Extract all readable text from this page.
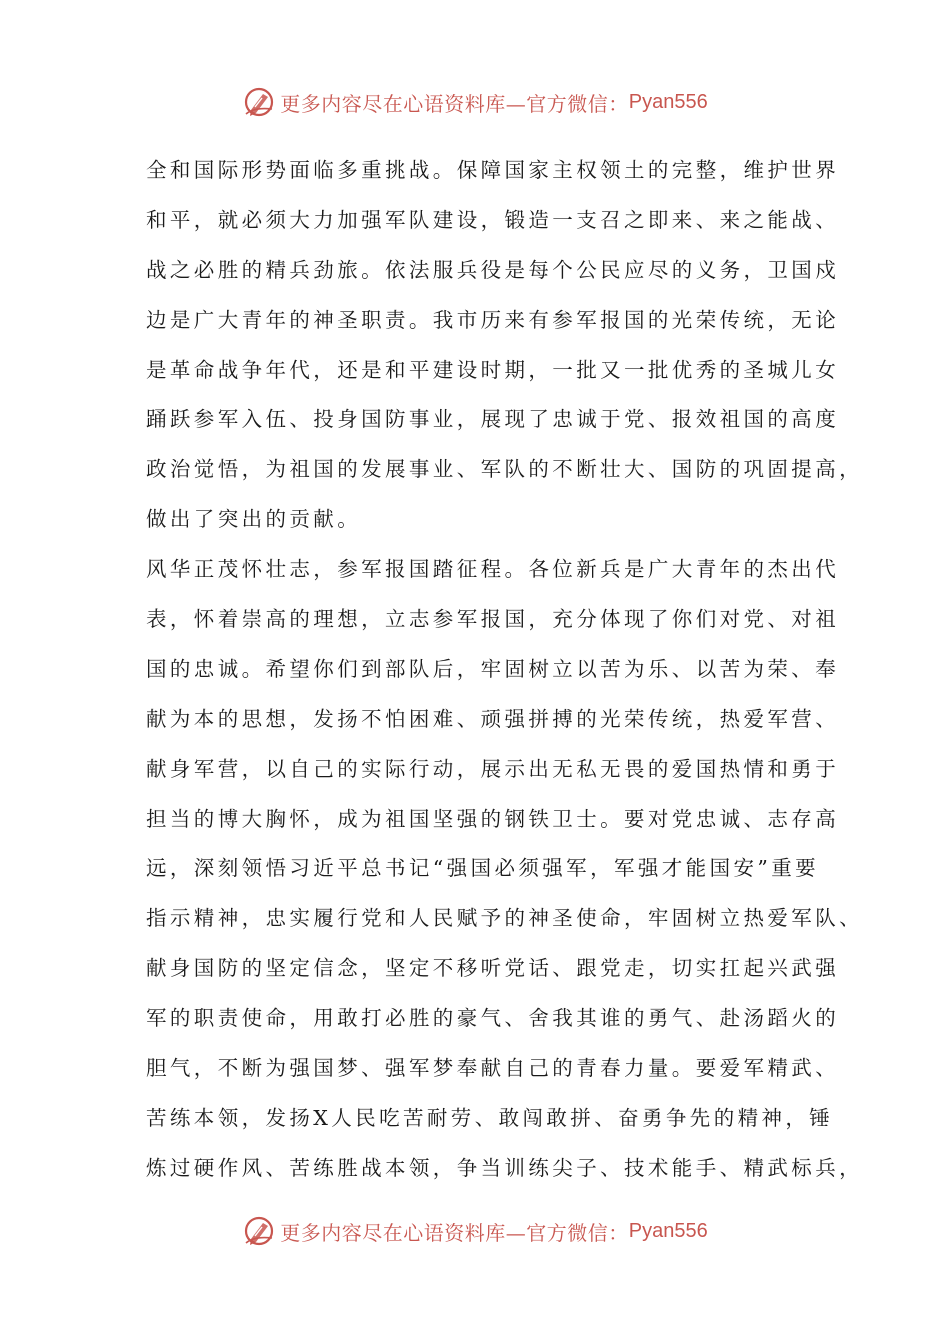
更多内容尽在心语资料库—官方微信： Pyan556
全和国际形势面临多重挑战。保障国家主权领土的完整，维护世界
和平，就必须大力加强军队建设，锻造一支召之即来、来之能战、
战之必胜的精兵劲旅。依法服兵役是每个公民应尽的义务，卫国戍
边是广大青年的神圣职责。我市历来有参军报国的光荣传统，无论
是革命战争年代，还是和平建设时期，一批又一批优秀的圣城儿女
踊跃参军入伍、投身国防事业，展现了忠诚于党、报效祖国的高度
政治觉悟，为祖国的发展事业、军队的不断壮大、国防的巩固提高，
做出了突出的贡献。
风华正茂怀壮志，参军报国踏征程。各位新兵是广大青年的杰出代
表，怀着崇高的理想，立志参军报国，充分体现了你们对党、对祖
国的忠诚。希望你们到部队后，牢固树立以苦为乐、以苦为荣、奉
献为本的思想，发扬不怕困难、顽强拼搏的光荣传统，热爱军营、
献身军营，以自己的实际行动，展示出无私无畏的爱国热情和勇于
担当的博大胸怀，成为祖国坚强的钢铁卫士。要对党忠诚、志存高
远，深刻领悟习近平总书记“强国必须强军，军强才能国安”重要
指示精神，忠实履行党和人民赋予的神圣使命，牢固树立热爱军队、
献身国防的坚定信念，坚定不移听党话、跟党走，切实扛起兴武强
军的职责使命，用敢打必胜的豪气、舍我其谁的勇气、赴汤蹈火的
胆气，不断为强国梦、强军梦奉献自己的青春力量。要爱军精武、
苦练本领，发扬X人民吃苦耐劳、敢闯敢拼、奋勇争先的精神，锤
炼过硬作风、苦练胜战本领，争当训练尖子、技术能手、精武标兵，
更多内容尽在心语资料库—官方微信： Pyan556
